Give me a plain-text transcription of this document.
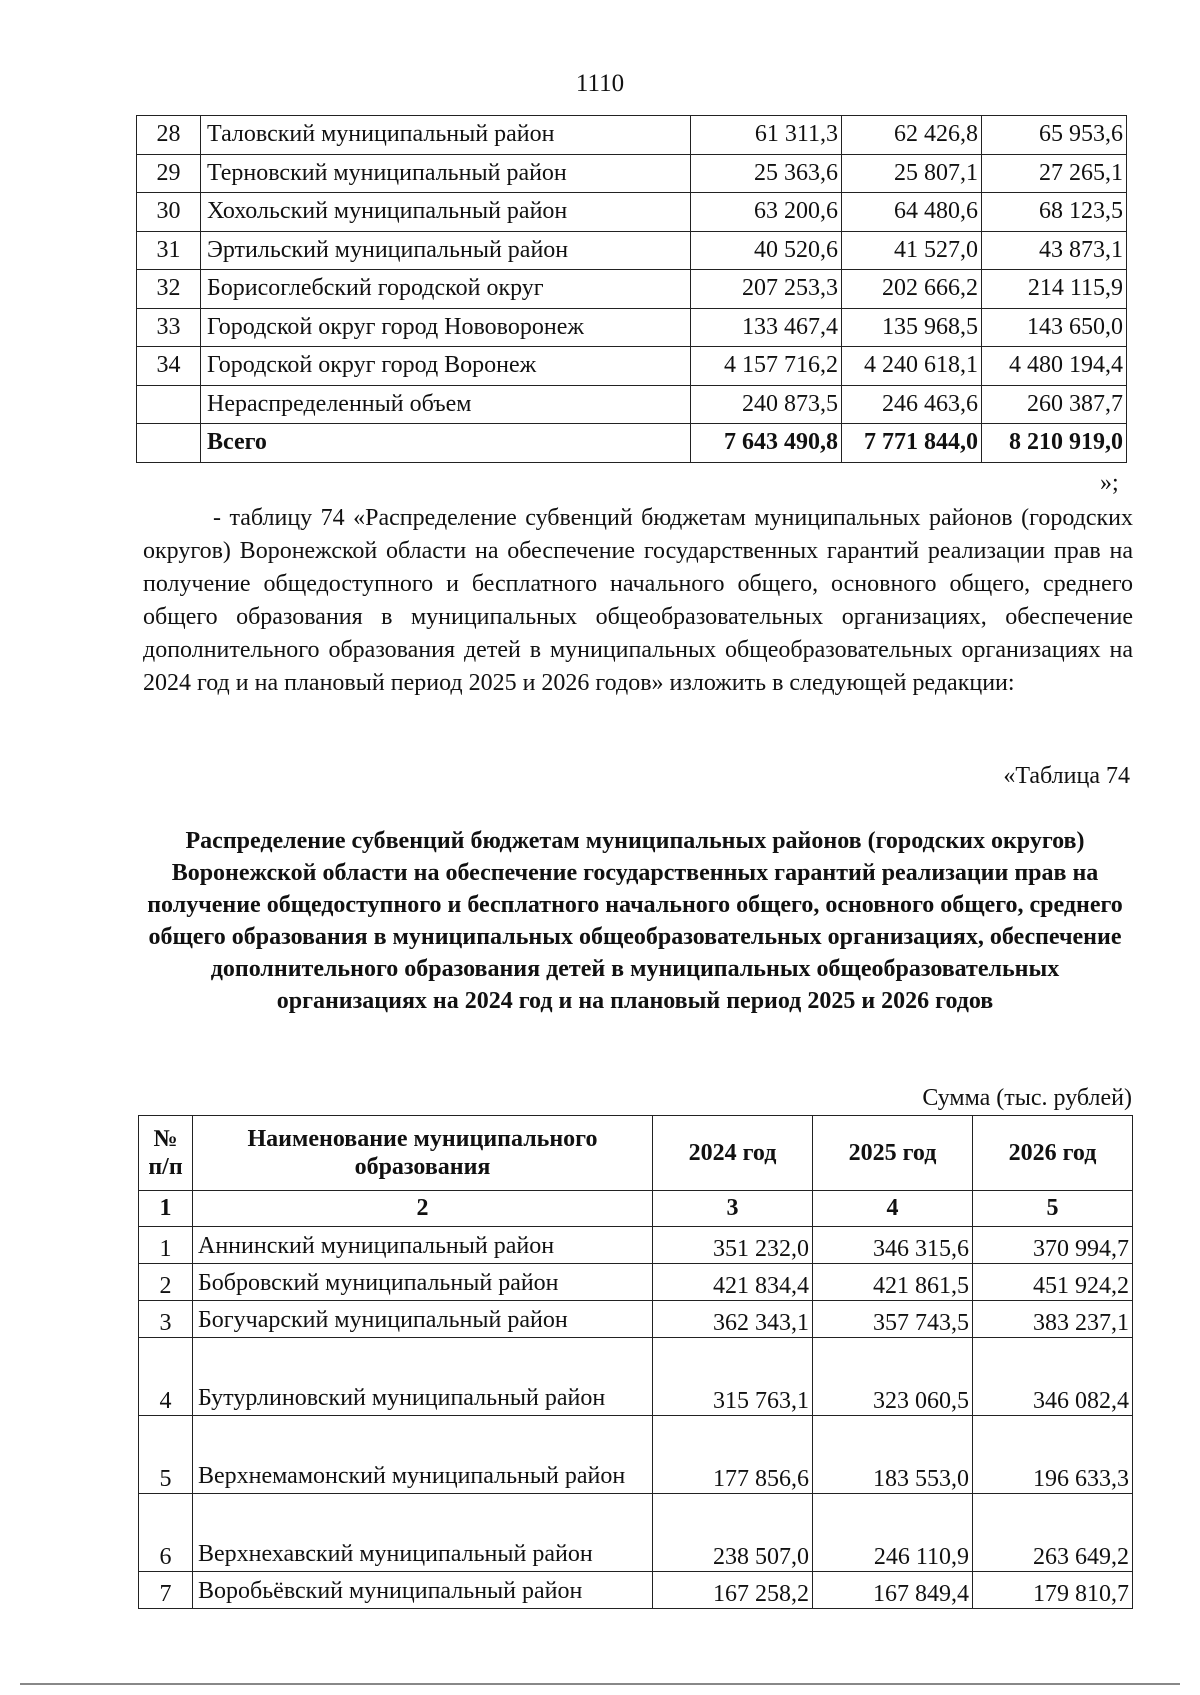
1110
28	Таловский муниципальный район	61 311,3	62 426,8	65 953,6
29	Терновский муниципальный район	25 363,6	25 807,1	27 265,1
30	Хохольский муниципальный район	63 200,6	64 480,6	68 123,5
31	Эртильский муниципальный район	40 520,6	41 527,0	43 873,1
32	Борисоглебский городской округ	207 253,3	202 666,2	214 115,9
33	Городской округ город Нововоронеж	133 467,4	135 968,5	143 650,0
34	Городской округ город Воронеж	4 157 716,2	4 240 618,1	4 480 194,4
	Нераспределенный объем	240 873,5	246 463,6	260 387,7
	Всего	7 643 490,8	7 771 844,0	8 210 919,0
»;

- таблицу 74 «Распределение субвенций бюджетам муниципальных районов (городских округов) Воронежской области на обеспечение государственных гарантий реализации прав на получение общедоступного и бесплатного начального общего, основного общего, среднего общего образования в муниципальных общеобразовательных организациях, обеспечение дополнительного образования детей в муниципальных общеобразовательных организациях на 2024 год и на плановый период 2025 и 2026 годов» изложить в следующей редакции:

«Таблица 74

Распределение субвенций бюджетам муниципальных районов (городских округов) Воронежской области на обеспечение государственных гарантий реализации прав на получение общедоступного и бесплатного начального общего, основного общего, среднего общего образования в муниципальных общеобразовательных организациях, обеспечение дополнительного образования детей в муниципальных общеобразовательных организациях на 2024 год и на плановый период 2025 и 2026 годов

Сумма (тыс. рублей)
№ п/п	Наименование муниципального образования	2024 год	2025 год	2026 год
1	2	3	4	5
1	Аннинский муниципальный район	351 232,0	346 315,6	370 994,7
2	Бобровский муниципальный район	421 834,4	421 861,5	451 924,2
3	Богучарский муниципальный район	362 343,1	357 743,5	383 237,1
4	Бутурлиновский муниципальный район	315 763,1	323 060,5	346 082,4
5	Верхнемамонский муниципальный район	177 856,6	183 553,0	196 633,3
6	Верхнехавский муниципальный район	238 507,0	246 110,9	263 649,2
7	Воробьёвский муниципальный район	167 258,2	167 849,4	179 810,7
